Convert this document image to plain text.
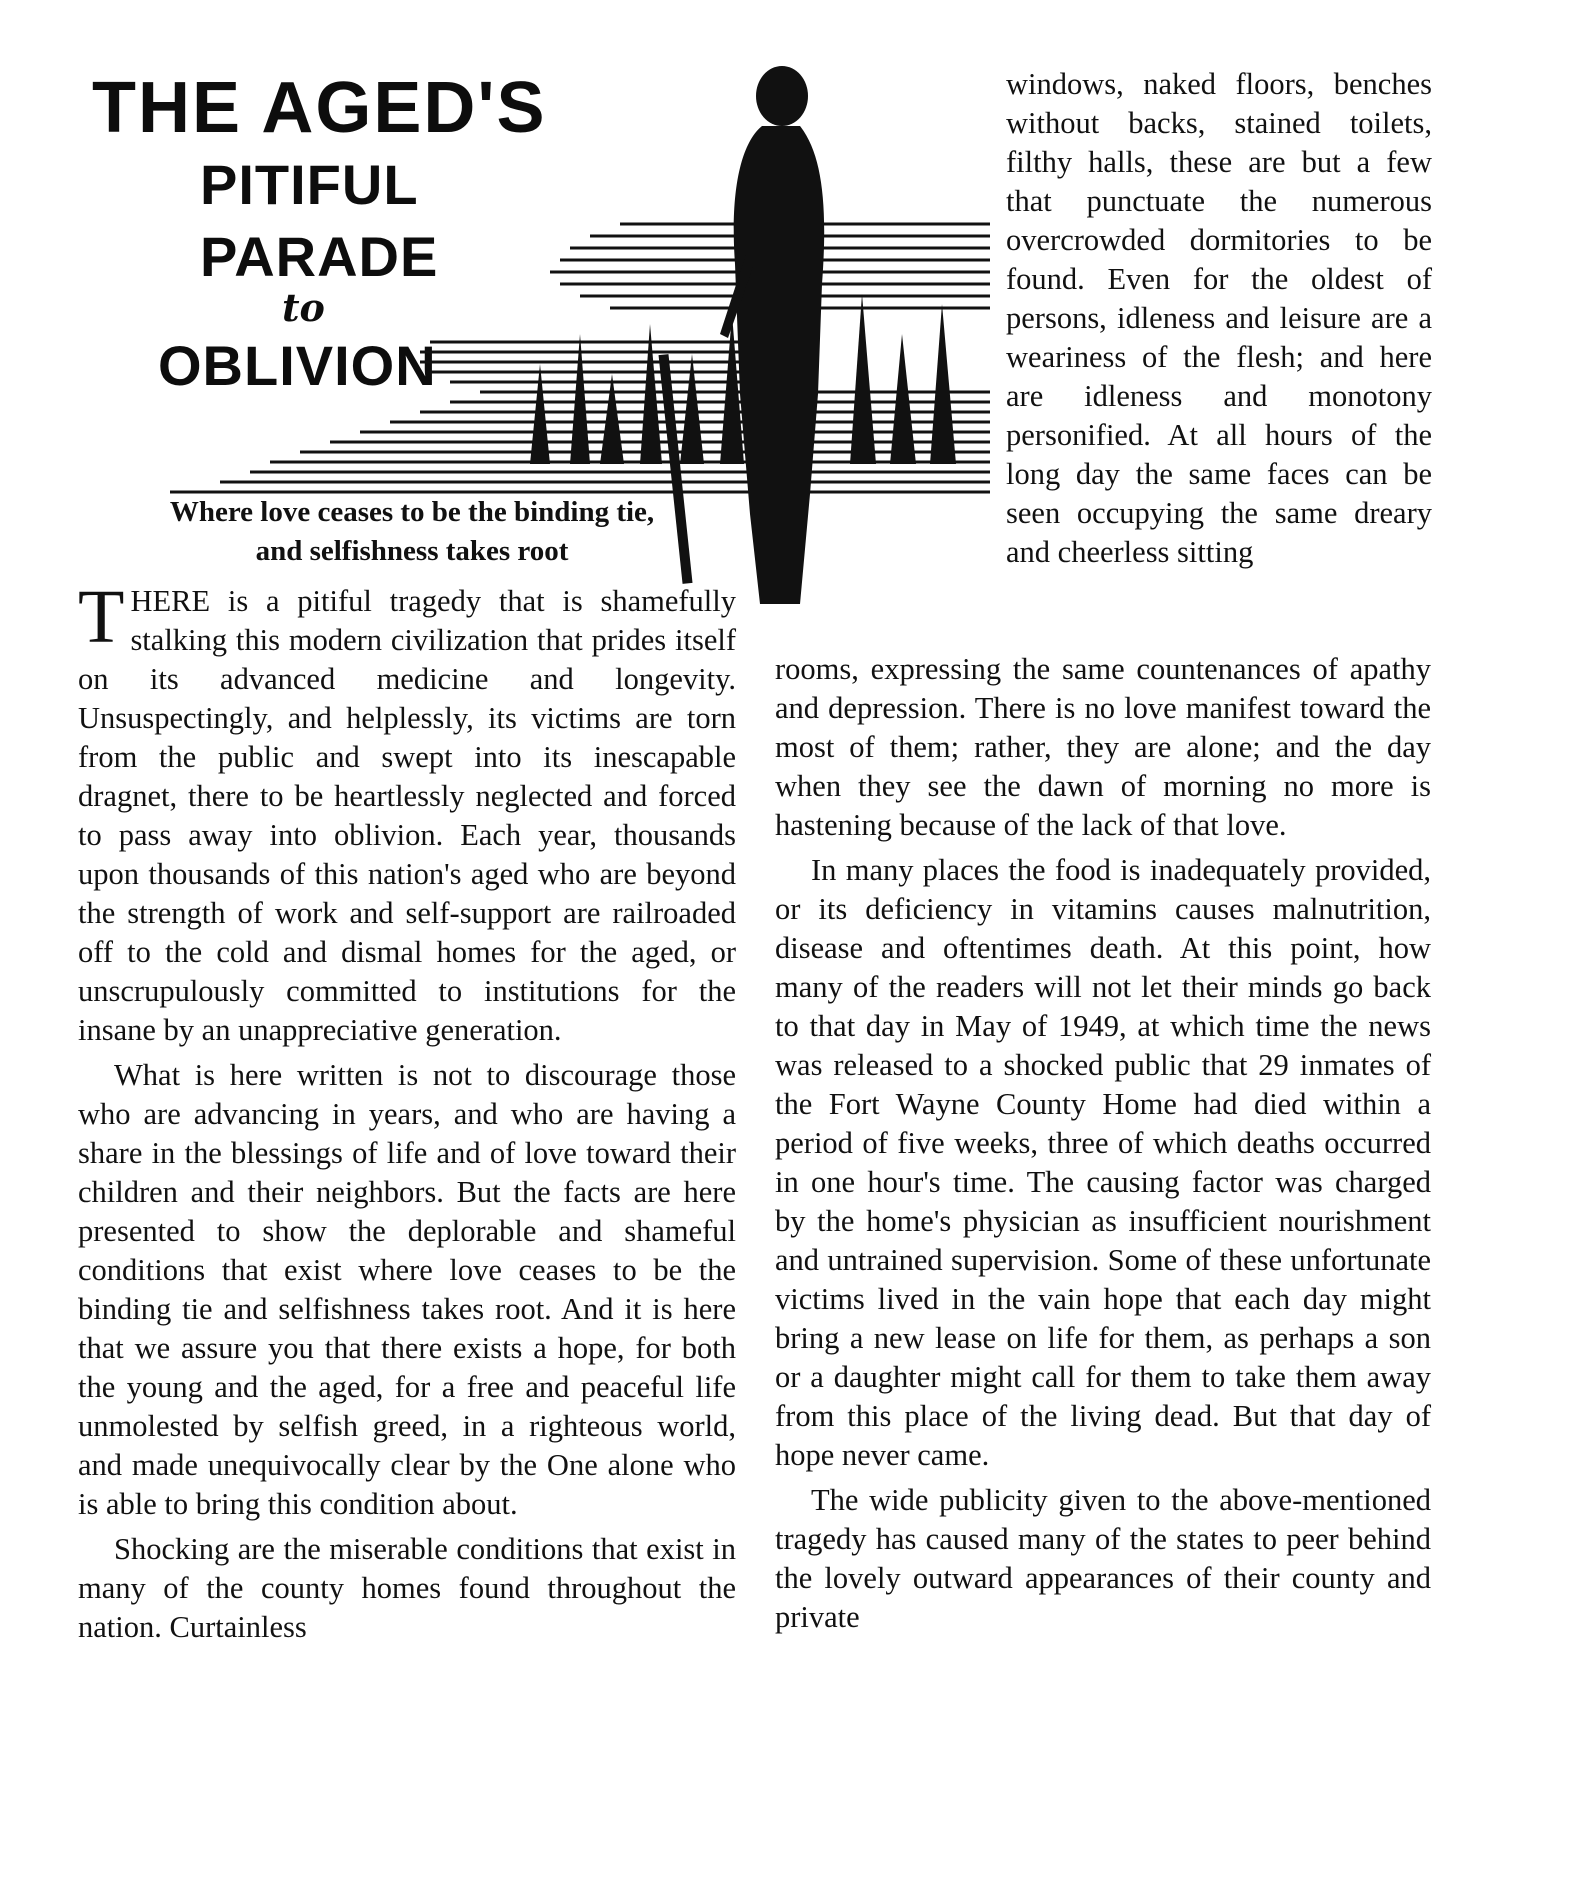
THE AGED'S
PITIFUL
PARADE
to
OBLIVION
Where love ceases to be the binding tie,
and selfishness takes root

THERE is a pitiful tragedy that is shamefully stalking this modern civilization that prides itself on its advanced medicine and longevity. Unsuspectingly, and helplessly, its victims are torn from the public and swept into its inescapable dragnet, there to be heartlessly neglected and forced to pass away into oblivion. Each year, thousands upon thousands of this nation's aged who are beyond the strength of work and self-support are railroaded off to the cold and dismal homes for the aged, or unscrupulously committed to institutions for the insane by an unappreciative generation.

What is here written is not to discourage those who are advancing in years, and who are having a share in the blessings of life and of love toward their children and their neighbors. But the facts are here presented to show the deplorable and shameful conditions that exist where love ceases to be the binding tie and selfishness takes root. And it is here that we assure you that there exists a hope, for both the young and the aged, for a free and peaceful life unmolested by selfish greed, in a righteous world, and made unequivocally clear by the One alone who is able to bring this condition about.

Shocking are the miserable conditions that exist in many of the county homes found throughout the nation. Curtainless

windows, naked floors, benches without backs, stained toilets, filthy halls, these are but a few that punctuate the numerous overcrowded dormitories to be found. Even for the oldest of persons, idleness and leisure are a weariness of the flesh; and here are idleness and monotony personified. At all hours of the long day the same faces can be seen occupying the same dreary and cheerless sitting

rooms, expressing the same countenances of apathy and depression. There is no love manifest toward the most of them; rather, they are alone; and the day when they see the dawn of morning no more is hastening because of the lack of that love.

In many places the food is inadequately provided, or its deficiency in vitamins causes malnutrition, disease and oftentimes death. At this point, how many of the readers will not let their minds go back to that day in May of 1949, at which time the news was released to a shocked public that 29 inmates of the Fort Wayne County Home had died within a period of five weeks, three of which deaths occurred in one hour's time. The causing factor was charged by the home's physician as insufficient nourishment and untrained supervision. Some of these unfortunate victims lived in the vain hope that each day might bring a new lease on life for them, as perhaps a son or a daughter might call for them to take them away from this place of the living dead. But that day of hope never came.

The wide publicity given to the above-mentioned tragedy has caused many of the states to peer behind the lovely outward appearances of their county and private
